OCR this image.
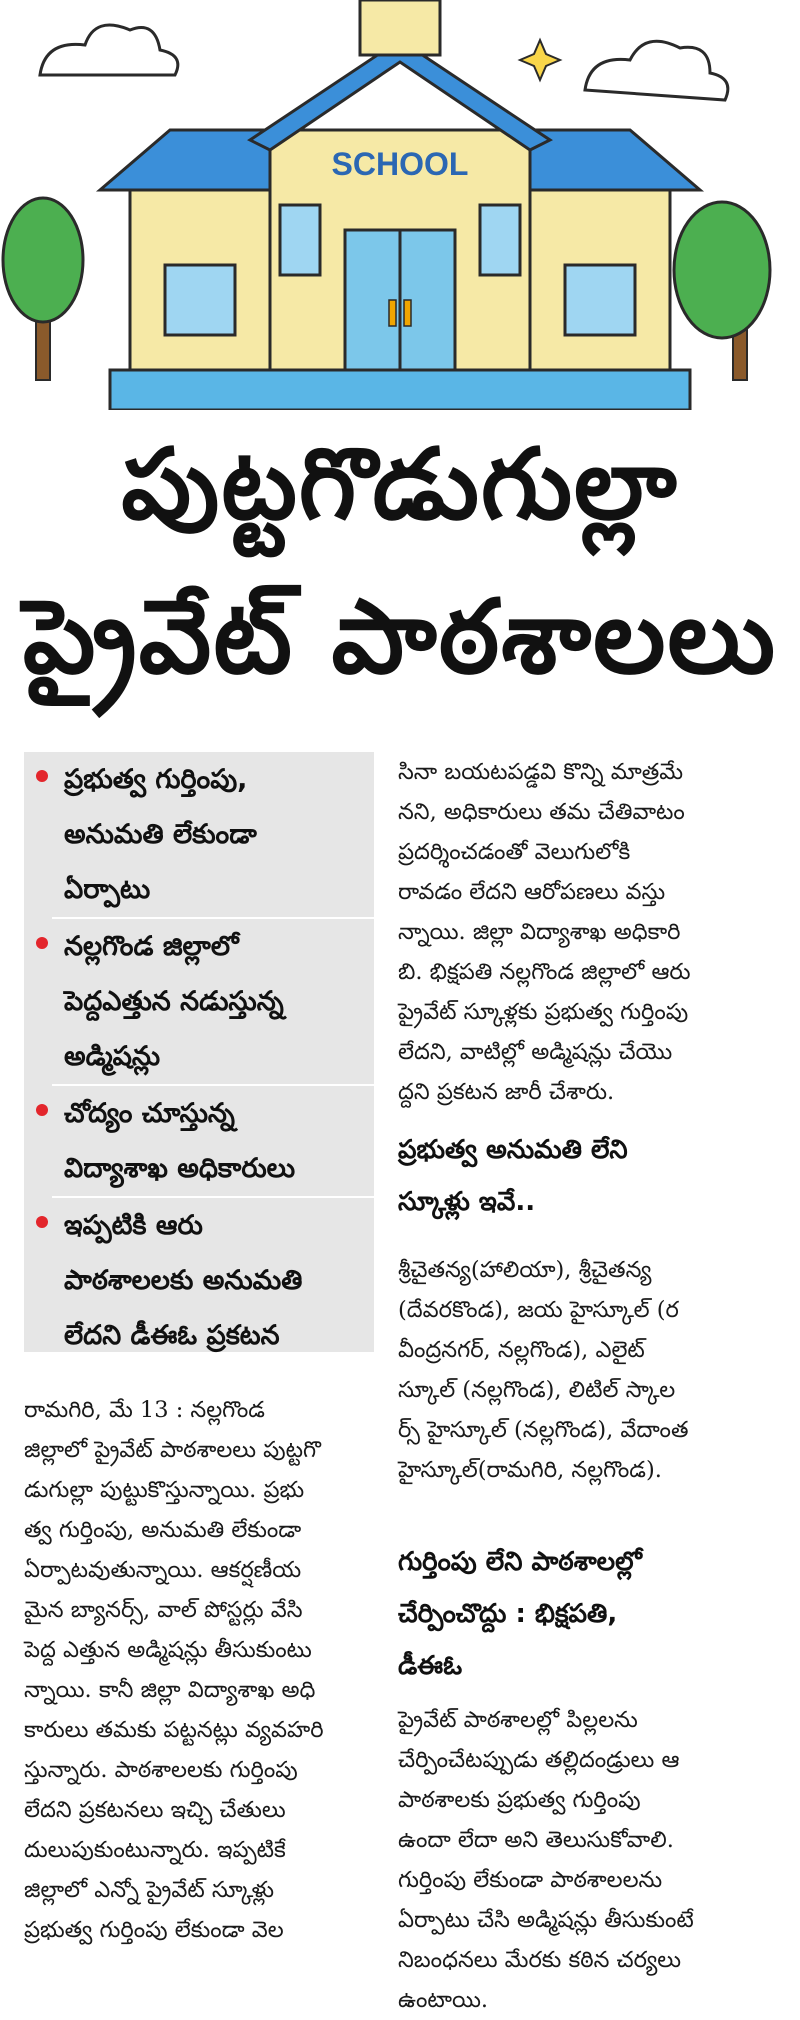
SCHOOL
పుట్టగొడుగుల్లా
ప్రైవేట్ పాఠశాలలు
ప్రభుత్వ గుర్తింపు,
అనుమతి లేకుండా
ఏర్పాటు
నల్లగొండ జిల్లాలో
పెద్దఎత్తున నడుస్తున్న
అడ్మిషన్లు
చోద్యం చూస్తున్న
విద్యాశాఖ అధికారులు
ఇప్పటికి ఆరు
పాఠశాలలకు అనుమతి
లేదని డీఈఓ ప్రకటన
రామగిరి, మే 13 : నల్లగొండ
జిల్లాలో ప్రైవేట్ పాఠశాలలు పుట్టగొ
డుగుల్లా పుట్టుకొస్తున్నాయి. ప్రభు
త్వ గుర్తింపు, అనుమతి లేకుండా
ఏర్పాటవుతున్నాయి. ఆకర్షణీయ
మైన బ్యానర్స్, వాల్ పోస్టర్లు వేసి
పెద్ద ఎత్తున అడ్మిషన్లు తీసుకుంటు
న్నాయి. కానీ జిల్లా విద్యాశాఖ అధి
కారులు తమకు పట్టనట్లు వ్యవహరి
స్తున్నారు. పాఠశాలలకు గుర్తింపు
లేదని ప్రకటనలు ఇచ్చి చేతులు
దులుపుకుంటున్నారు. ఇప్పటికే
జిల్లాలో ఎన్నో ప్రైవేట్ స్కూళ్లు
ప్రభుత్వ గుర్తింపు లేకుండా వెల
సినా బయటపడ్డవి కొన్ని మాత్రమే
నని, అధికారులు తమ చేతివాటం
ప్రదర్శించడంతో వెలుగులోకి
రావడం లేదని ఆరోపణలు వస్తు
న్నాయి. జిల్లా విద్యాశాఖ అధికారి
బి. భిక్షపతి నల్లగొండ జిల్లాలో ఆరు
ప్రైవేట్ స్కూళ్లకు ప్రభుత్వ గుర్తింపు
లేదని, వాటిల్లో అడ్మిషన్లు చేయొ
ద్దని ప్రకటన జారీ చేశారు.
ప్రభుత్వ అనుమతి లేని
స్కూళ్లు ఇవే..
శ్రీచైతన్య(హాలియా), శ్రీచైతన్య
(దేవరకొండ), జయ హైస్కూల్ (ర
వీంద్రనగర్, నల్లగొండ), ఎలైట్
స్కూల్ (నల్లగొండ), లిటిల్ స్కాల
ర్స్ హైస్కూల్ (నల్లగొండ), వేదాంత
హైస్కూల్(రామగిరి, నల్లగొండ).
గుర్తింపు లేని పాఠశాలల్లో
చేర్పించొద్దు : భిక్షపతి,
డీఈఓ
ప్రైవేట్ పాఠశాలల్లో పిల్లలను
చేర్పించేటప్పుడు తల్లిదండ్రులు ఆ
పాఠశాలకు ప్రభుత్వ గుర్తింపు
ఉందా లేదా అని తెలుసుకోవాలి.
గుర్తింపు లేకుండా పాఠశాలలను
ఏర్పాటు చేసి అడ్మిషన్లు తీసుకుంటే
నిబంధనలు మేరకు కఠిన చర్యలు
ఉంటాయి.
